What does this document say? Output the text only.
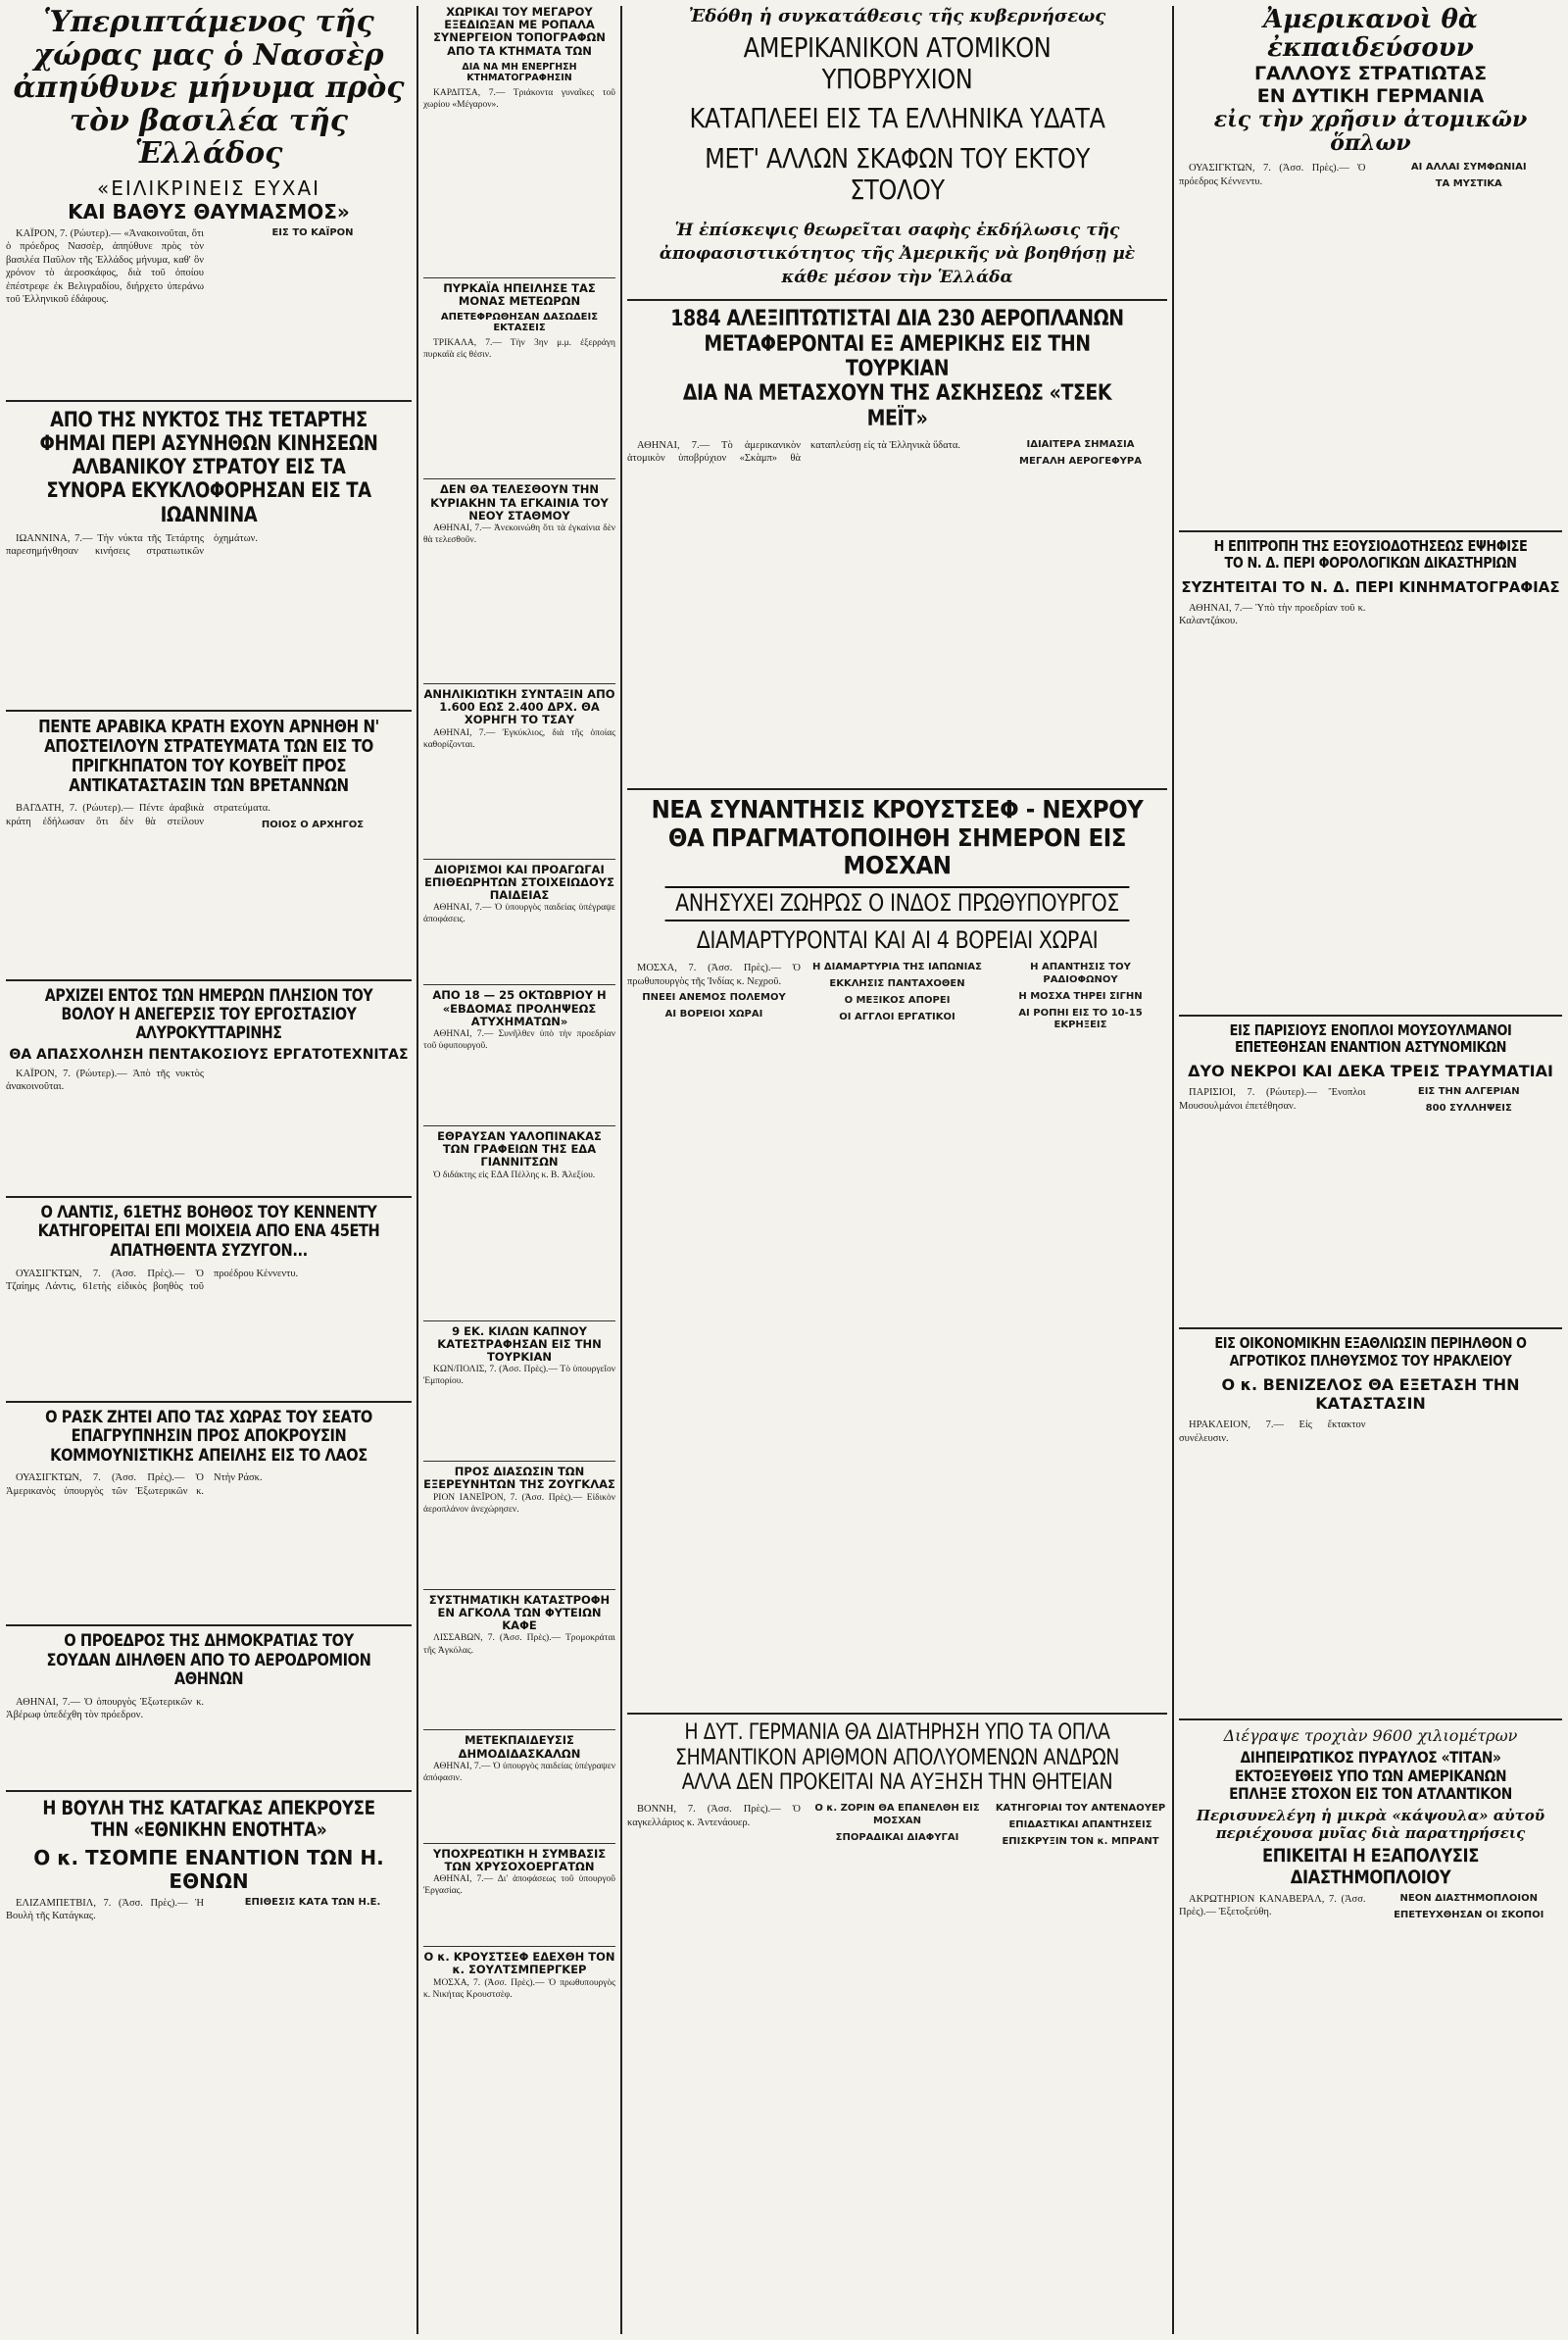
Ὑπεριπτάμενος τῆς χώρας μας ὁ Νασσὲρ ἀπηύθυνε μήνυμα πρὸς τὸν βασιλέα τῆς Ἑλλάδος
«ΕΙΛΙΚΡΙΝΕΙΣ ΕΥΧΑΙ
ΚΑΙ ΒΑΘΥΣ ΘΑΥΜΑΣΜΟΣ»

ΚΑΪΡΟΝ, 7. (Ρώυτερ).— «Ἀνακοινοῦται, ὅτι ὁ πρόεδρος Νασσὲρ, ἀπηύθυνε πρὸς τὸν βασιλέα Παῦλον τῆς Ἑλλάδος μήνυμα, καθ' ὃν χρόνον τὸ ἀεροσκάφος, διὰ τοῦ ὁποίου ἐπέστρεφε ἐκ Βελιγραδίου, διήρχετο ὑπεράνω τοῦ Ἑλληνικοῦ ἐδάφους.

ΕΙΣ ΤΟ ΚΑΪΡΟΝ
ΑΠΟ ΤΗΣ ΝΥΚΤΟΣ ΤΗΣ ΤΕΤΑΡΤΗΣ ΦΗΜΑΙ ΠΕΡΙ ΑΣΥΝΗΘΩΝ ΚΙΝΗΣΕΩΝ ΑΛΒΑΝΙΚΟΥ ΣΤΡΑΤΟΥ ΕΙΣ ΤΑ ΣΥΝΟΡΑ ΕΚΥΚΛΟΦΟΡΗΣΑΝ ΕΙΣ ΤΑ ΙΩΑΝΝΙΝΑ

ΙΩΑΝΝΙΝΑ, 7.— Τὴν νύκτα τῆς Τετάρτης παρεσημήνθησαν κινήσεις στρατιωτικῶν ὀχημάτων.

ΠΕΝΤΕ ΑΡΑΒΙΚΑ ΚΡΑΤΗ ΕΧΟΥΝ ΑΡΝΗΘΗ Ν' ΑΠΟΣΤΕΙΛΟΥΝ ΣΤΡΑΤΕΥΜΑΤΑ ΤΩΝ ΕΙΣ ΤΟ ΠΡΙΓΚΗΠΑΤΟΝ ΤΟΥ ΚΟΥΒΕΪΤ ΠΡΟΣ ΑΝΤΙΚΑΤΑΣΤΑΣΙΝ ΤΩΝ ΒΡΕΤΑΝΝΩΝ

ΒΑΓΔΑΤΗ, 7. (Ρώυτερ).— Πέντε ἀραβικὰ κράτη ἐδήλωσαν ὅτι δὲν θὰ στείλουν στρατεύματα.

ΠΟΙΟΣ Ο ΑΡΧΗΓΟΣ
ΑΡΧΙΖΕΙ ΕΝΤΟΣ ΤΩΝ ΗΜΕΡΩΝ ΠΛΗΣΙΟΝ ΤΟΥ ΒΟΛΟΥ Η ΑΝΕΓΕΡΣΙΣ ΤΟΥ ΕΡΓΟΣΤΑΣΙΟΥ ΑΛΥΡΟΚΥΤΤΑΡΙΝΗΣ
ΘΑ ΑΠΑΣΧΟΛΗΣΗ ΠΕΝΤΑΚΟΣΙΟΥΣ ΕΡΓΑΤΟΤΕΧΝΙΤΑΣ

ΚΑΪΡΟΝ, 7. (Ρώυτερ).— Ἀπὸ τῆς νυκτὸς ἀνακοινοῦται.

Ο ΛΑΝΤΙΣ, 61ΕΤΗΣ ΒΟΗΘΟΣ ΤΟΥ ΚΕΝΝΕΝΤΥ ΚΑΤΗΓΟΡΕΙΤΑΙ ΕΠΙ ΜΟΙΧΕΙΑ ΑΠΟ ΕΝΑ 45ΕΤΗ ΑΠΑΤΗΘΕΝΤΑ ΣΥΖΥΓΟΝ...

ΟΥΑΣΙΓΚΤΩΝ, 7. (Ἀσσ. Πρὲς).— Ὁ Τζαίημς Λάντις, 61ετὴς εἰδικὸς βοηθὸς τοῦ προέδρου Κέννεντυ.

Ο ΡΑΣΚ ΖΗΤΕΙ ΑΠΟ ΤΑΣ ΧΩΡΑΣ ΤΟΥ ΣΕΑΤΟ ΕΠΑΓΡΥΠΝΗΣΙΝ ΠΡΟΣ ΑΠΟΚΡΟΥΣΙΝ ΚΟΜΜΟΥΝΙΣΤΙΚΗΣ ΑΠΕΙΛΗΣ ΕΙΣ ΤΟ ΛΑΟΣ

ΟΥΑΣΙΓΚΤΩΝ, 7. (Ἀσσ. Πρὲς).— Ὁ Ἀμερικανὸς ὑπουργὸς τῶν Ἐξωτερικῶν κ. Ντὴν Ράσκ.

Ο ΠΡΟΕΔΡΟΣ ΤΗΣ ΔΗΜΟΚΡΑΤΙΑΣ ΤΟΥ ΣΟΥΔΑΝ ΔΙΗΛΘΕΝ ΑΠΟ ΤΟ ΑΕΡΟΔΡΟΜΙΟΝ ΑΘΗΝΩΝ

ΑΘΗΝΑΙ, 7.— Ὁ ὁπουργὸς Ἐξωτερικῶν κ. Ἀβέρωφ ὑπεδέχθη τὸν πρόεδρον.

Η ΒΟΥΛΗ ΤΗΣ ΚΑΤΑΓΚΑΣ ΑΠΕΚΡΟΥΣΕ ΤΗΝ «ΕΘΝΙΚΗΝ ΕΝΟΤΗΤΑ»
Ο κ. ΤΣΟΜΠΕ ΕΝΑΝΤΙΟΝ ΤΩΝ Η. ΕΘΝΩΝ

ΕΛΙΖΑΜΠΕΤΒΙΛ, 7. (Ἀσσ. Πρὲς).— Ἡ Βουλὴ τῆς Κατάγκας.

ΕΠΙΘΕΣΙΣ ΚΑΤΑ ΤΩΝ Η.Ε.
ΧΩΡΙΚΑΙ ΤΟΥ ΜΕΓΑΡΟΥ ΕΞΕΔΙΩΞΑΝ ΜΕ ΡΟΠΑΛΑ ΣΥΝΕΡΓΕΙΟΝ ΤΟΠΟΓΡΑΦΩΝ ΑΠΟ ΤΑ ΚΤΗΜΑΤΑ ΤΩΝ
ΔΙΑ ΝΑ ΜΗ ΕΝΕΡΓΗΣΗ ΚΤΗΜΑΤΟΓΡΑΦΗΣΙΝ

ΚΑΡΔΙΤΣΑ, 7.— Τριάκοντα γυναῖκες τοῦ χωρίου «Μέγαρον».

ΠΥΡΚΑΪΑ ΗΠΕΙΛΗΣΕ ΤΑΣ ΜΟΝΑΣ ΜΕΤΕΩΡΩΝ
ΑΠΕΤΕΦΡΩΘΗΣΑΝ ΔΑΣΩΔΕΙΣ ΕΚΤΑΣΕΙΣ

ΤΡΙΚΑΛΑ, 7.— Τὴν 3ην μ.μ. ἐξερράγη πυρκαϊὰ εἰς θέσιν.

ΔΕΝ ΘΑ ΤΕΛΕΣΘΟΥΝ ΤΗΝ ΚΥΡΙΑΚΗΝ ΤΑ ΕΓΚΑΙΝΙΑ ΤΟΥ ΝΕΟΥ ΣΤΑΘΜΟΥ

ΑΘΗΝΑΙ, 7.— Ἀνεκοινώθη ὅτι τὰ ἐγκαίνια δὲν θὰ τελεσθοῦν.

ΑΝΗΛΙΚΙΩΤΙΚΗ ΣΥΝΤΑΞΙΝ ΑΠΟ 1.600 ΕΩΣ 2.400 ΔΡΧ. ΘΑ ΧΟΡΗΓΗ ΤΟ ΤΣΑΥ

ΑΘΗΝΑΙ, 7.— Ἐγκύκλιος, διὰ τῆς ὁποίας καθορίζονται.

ΔΙΟΡΙΣΜΟΙ ΚΑΙ ΠΡΟΑΓΩΓΑΙ ΕΠΙΘΕΩΡΗΤΩΝ ΣΤΟΙΧΕΙΩΔΟΥΣ ΠΑΙΔΕΙΑΣ

ΑΘΗΝΑΙ, 7.— Ὁ ὑπουργὸς παιδείας ὑπέγραψε ἀποφάσεις.

ΑΠΟ 18 — 25 ΟΚΤΩΒΡΙΟΥ Η «ΕΒΔΟΜΑΣ ΠΡΟΛΗΨΕΩΣ ΑΤΥΧΗΜΑΤΩΝ»

ΑΘΗΝΑΙ, 7.— Συνῆλθεν ὑπὸ τὴν προεδρίαν τοῦ ὑφυπουργοῦ.

ΕΘΡΑΥΣΑΝ ΥΑΛΟΠΙΝΑΚΑΣ ΤΩΝ ΓΡΑΦΕΙΩΝ ΤΗΣ ΕΔΑ ΓΙΑΝΝΙΤΣΩΝ

Ὁ διδάκτης εἰς ΕΔΑ Πέλλης κ. Β. Ἀλεξίου.

9 ΕΚ. ΚΙΛΩΝ ΚΑΠΝΟΥ ΚΑΤΕΣΤΡΑΦΗΣΑΝ ΕΙΣ ΤΗΝ ΤΟΥΡΚΙΑΝ

ΚΩΝ/ΠΟΛΙΣ, 7. (Ἀσσ. Πρὲς).— Τὸ ὑπουργεῖον Ἐμπορίου.

ΠΡΟΣ ΔΙΑΣΩΣΙΝ ΤΩΝ ΕΞΕΡΕΥΝΗΤΩΝ ΤΗΣ ΖΟΥΓΚΛΑΣ

ΡΙΟΝ ΙΑΝΕΪΡΟΝ, 7. (Ἀσσ. Πρὲς).— Εἰδικὸν ἀεροπλάνον ἀνεχώρησεν.

ΣΥΣΤΗΜΑΤΙΚΗ ΚΑΤΑΣΤΡΟΦΗ ΕΝ ΑΓΚΟΛΑ ΤΩΝ ΦΥΤΕΙΩΝ ΚΑΦΕ

ΛΙΣΣΑΒΩΝ, 7. (Ἀσσ. Πρὲς).— Τρομοκράται τῆς Ἀγκόλας.

ΜΕΤΕΚΠΑΙΔΕΥΣΙΣ ΔΗΜΟΔΙΔΑΣΚΑΛΩΝ

ΑΘΗΝΑΙ, 7.— Ὁ ὑπουργὸς παιδείας ὑπέγραψεν ἀπόφασιν.

ΥΠΟΧΡΕΩΤΙΚΗ Η ΣΥΜΒΑΣΙΣ ΤΩΝ ΧΡΥΣΟΧΟΕΡΓΑΤΩΝ

ΑΘΗΝΑΙ, 7.— Δι' ἀποφάσεως τοῦ ὑπουργοῦ Ἐργασίας.

Ο κ. ΚΡΟΥΣΤΣΕΦ ΕΔΕΧΘΗ ΤΟΝ κ. ΣΟΥΛΤΣΜΠΕΡΓΚΕΡ

ΜΟΣΧΑ, 7. (Ἀσσ. Πρὲς).— Ὁ πρωθυπουργὸς κ. Νικήτας Κρουστσὲφ.

Ἐδόθη ἡ συγκατάθεσις τῆς κυβερνήσεως
ΑΜΕΡΙΚΑΝΙΚΟΝ ΑΤΟΜΙΚΟΝ ΥΠΟΒΡΥΧΙΟΝ
ΚΑΤΑΠΛΕΕΙ ΕΙΣ ΤΑ ΕΛΛΗΝΙΚΑ ΥΔΑΤΑ
ΜΕΤ' ΑΛΛΩΝ ΣΚΑΦΩΝ ΤΟΥ ΕΚΤΟΥ ΣΤΟΛΟΥ
Ἡ ἐπίσκεψις θεωρεῖται σαφὴς ἐκδήλωσις τῆς ἀποφασιστικότητος τῆς Ἀμερικῆς νὰ βοηθήσῃ μὲ κάθε μέσον τὴν Ἑλλάδα
1884 ΑΛΕΞΙΠΤΩΤΙΣΤΑΙ ΔΙΑ 230 ΑΕΡΟΠΛΑΝΩΝ
ΜΕΤΑΦΕΡΟΝΤΑΙ ΕΞ ΑΜΕΡΙΚΗΣ ΕΙΣ ΤΗΝ ΤΟΥΡΚΙΑΝ
ΔΙΑ ΝΑ ΜΕΤΑΣΧΟΥΝ ΤΗΣ ΑΣΚΗΣΕΩΣ «ΤΣΕΚ ΜΕΪΤ»

ΑΘΗΝΑΙ, 7.— Τὸ ἀμερικανικὸν ἀτομικὸν ὑποβρύχιον «Σκὰμπ» θὰ καταπλεύσῃ εἰς τὰ Ἑλληνικὰ ὕδατα.	ΙΔΙΑΙΤΕΡΑ ΣΗΜΑΣΙΑ
ΜΕΓΑΛΗ ΑΕΡΟΓΕΦΥΡΑ
ΝΕΑ ΣΥΝΑΝΤΗΣΙΣ ΚΡΟΥΣΤΣΕΦ - ΝΕΧΡΟΥ
ΘΑ ΠΡΑΓΜΑΤΟΠΟΙΗΘΗ ΣΗΜΕΡΟΝ ΕΙΣ ΜΟΣΧΑΝ
ΑΝΗΣΥΧΕΙ ΖΩΗΡΩΣ Ο ΙΝΔΟΣ ΠΡΩΘΥΠΟΥΡΓΟΣ
ΔΙΑΜΑΡΤΥΡΟΝΤΑΙ ΚΑΙ ΑΙ 4 ΒΟΡΕΙΑΙ ΧΩΡΑΙ

ΜΟΣΧΑ, 7. (Ἀσσ. Πρὲς).— Ὁ πρωθυπουργὸς τῆς Ἰνδίας κ. Νεχροῦ.

ΠΝΕΕΙ ΑΝΕΜΟΣ ΠΟΛΕΜΟΥ
ΑΙ ΒΟΡΕΙΟΙ ΧΩΡΑΙ
Η ΔΙΑΜΑΡΤΥΡΙΑ ΤΗΣ ΙΑΠΩΝΙΑΣ
ΕΚΚΛΗΣΙΣ ΠΑΝΤΑΧΟΘΕΝ
Ο ΜΕΞΙΚΟΣ ΑΠΟΡΕΙ
ΟΙ ΑΓΓΛΟΙ ΕΡΓΑΤΙΚΟΙ
Η ΑΠΑΝΤΗΣΙΣ ΤΟΥ ΡΑΔΙΟΦΩΝΟΥ
Η ΜΟΣΧΑ ΤΗΡΕΙ ΣΙΓΗΝ
ΑΙ ΡΟΠΗΙ ΕΙΣ ΤΟ 10-15 ΕΚΡΗΞΕΙΣ
Η ΔΥΤ. ΓΕΡΜΑΝΙΑ ΘΑ ΔΙΑΤΗΡΗΣΗ ΥΠΟ ΤΑ ΟΠΛΑ
ΣΗΜΑΝΤΙΚΟΝ ΑΡΙΘΜΟΝ ΑΠΟΛΥΟΜΕΝΩΝ ΑΝΔΡΩΝ
ΑΛΛΑ ΔΕΝ ΠΡΟΚΕΙΤΑΙ ΝΑ ΑΥΞΗΣΗ ΤΗΝ ΘΗΤΕΙΑΝ

ΒΟΝΝΗ, 7. (Ἀσσ. Πρὲς).— Ὁ καγκελλάριος κ. Ἀντενάουερ.

Ο κ. ΖΟΡΙΝ ΘΑ ΕΠΑΝΕΛΘΗ ΕΙΣ ΜΟΣΧΑΝ
ΣΠΟΡΑΔΙΚΑΙ ΔΙΑΦΥΓΑΙ
ΚΑΤΗΓΟΡΙΑΙ ΤΟΥ ΑΝΤΕΝΑΟΥΕΡ
ΕΠΙΔΑΣΤΙΚΑΙ ΑΠΑΝΤΗΣΕΙΣ
ΕΠΙΣΚΡΥΞΙΝ ΤΟΝ κ. ΜΠΡΑΝΤ
Ἀμερικανοὶ θὰ ἐκπαιδεύσουν
ΓΑΛΛΟΥΣ ΣΤΡΑΤΙΩΤΑΣ
ΕΝ ΔΥΤΙΚΗ ΓΕΡΜΑΝΙΑ
εἰς τὴν χρῆσιν ἀτομικῶν ὅπλων

ΟΥΑΣΙΓΚΤΩΝ, 7. (Ἀσσ. Πρὲς).— Ὁ πρόεδρος Κέννεντυ.

ΑΙ ΑΛΛΑΙ ΣΥΜΦΩΝΙΑΙ
ΤΑ ΜΥΣΤΙΚΑ
Η ΕΠΙΤΡΟΠΗ ΤΗΣ ΕΞΟΥΣΙΟΔΟΤΗΣΕΩΣ ΕΨΗΦΙΣΕ ΤΟ Ν. Δ. ΠΕΡΙ ΦΟΡΟΛΟΓΙΚΩΝ ΔΙΚΑΣΤΗΡΙΩΝ
ΣΥΖΗΤΕΙΤΑΙ ΤΟ Ν. Δ. ΠΕΡΙ ΚΙΝΗΜΑΤΟΓΡΑΦΙΑΣ

ΑΘΗΝΑΙ, 7.— Ὑπὸ τὴν προεδρίαν τοῦ κ. Καλαντζάκου.

ΕΙΣ ΠΑΡΙΣΙΟΥΣ ΕΝΟΠΛΟΙ ΜΟΥΣΟΥΛΜΑΝΟΙ ΕΠΕΤΕΘΗΣΑΝ ΕΝΑΝΤΙΟΝ ΑΣΤΥΝΟΜΙΚΩΝ
ΔΥΟ ΝΕΚΡΟΙ ΚΑΙ ΔΕΚΑ ΤΡΕΙΣ ΤΡΑΥΜΑΤΙΑΙ

ΠΑΡΙΣΙΟΙ, 7. (Ρώυτερ).— Ἔνοπλοι Μουσουλμάνοι ἐπετέθησαν.

ΕΙΣ ΤΗΝ ΑΛΓΕΡΙΑΝ
800 ΣΥΛΛΗΨΕΙΣ
ΕΙΣ ΟΙΚΟΝΟΜΙΚΗΝ ΕΞΑΘΛΙΩΣΙΝ ΠΕΡΙΗΛΘΟΝ Ο ΑΓΡΟΤΙΚΟΣ ΠΛΗΘΥΣΜΟΣ ΤΟΥ ΗΡΑΚΛΕΙΟΥ
Ο κ. ΒΕΝΙΖΕΛΟΣ ΘΑ ΕΞΕΤΑΣΗ ΤΗΝ ΚΑΤΑΣΤΑΣΙΝ

ΗΡΑΚΛΕΙΟΝ, 7.— Εἰς ἔκτακτον συνέλευσιν.

Διέγραψε τροχιὰν 9600 χιλιομέτρων
ΔΙΗΠΕΙΡΩΤΙΚΟΣ ΠΥΡΑΥΛΟΣ «ΤΙΤΑΝ» ΕΚΤΟΞΕΥΘΕΙΣ ΥΠΟ ΤΩΝ ΑΜΕΡΙΚΑΝΩΝ ΕΠΛΗΞΕ ΣΤΟΧΟΝ ΕΙΣ ΤΟΝ ΑΤΛΑΝΤΙΚΟΝ
Περισυνελέγη ἡ μικρὰ «κάψουλα» αὐτοῦ
περιέχουσα μυῖας διὰ παρατηρήσεις
ΕΠΙΚΕΙΤΑΙ Η ΕΞΑΠΟΛΥΣΙΣ ΔΙΑΣΤΗΜΟΠΛΟΙΟΥ

ΑΚΡΩΤΗΡΙΟΝ ΚΑΝΑΒΕΡΑΛ, 7. (Ἀσσ. Πρὲς).— Ἐξετοξεύθη.

ΝΕΟΝ ΔΙΑΣΤΗΜΟΠΛΟΙΟΝ
ΕΠΕΤΕΥΧΘΗΣΑΝ ΟΙ ΣΚΟΠΟΙ
